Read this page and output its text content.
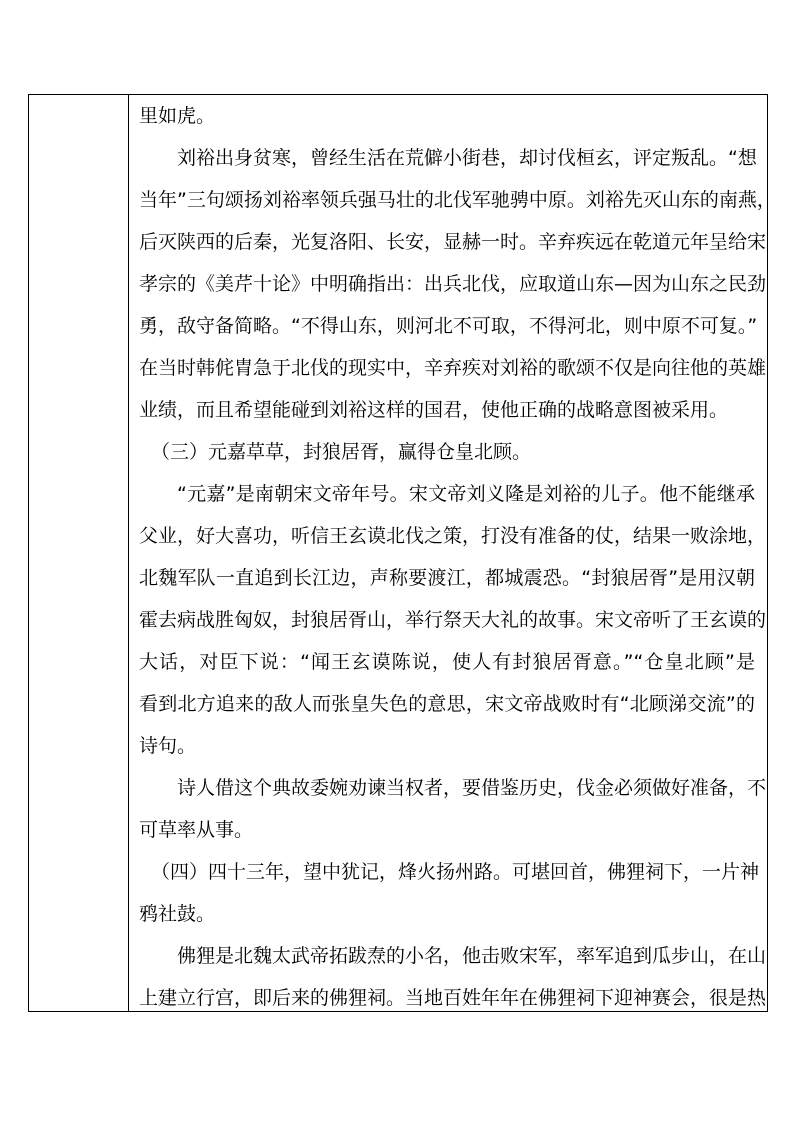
里如虎。
刘裕出身贫寒，曾经生活在荒僻小街巷，却讨伐桓玄，评定叛乱。“想
当年”三句颂扬刘裕率领兵强马壮的北伐军驰骋中原。刘裕先灭山东的南燕，
后灭陕西的后秦，光复洛阳、长安，显赫一时。辛弃疾远在乾道元年呈给宋
孝宗的《美芹十论》中明确指出：出兵北伐，应取道山东—因为山东之民劲
勇，敌守备简略。“不得山东，则河北不可取，不得河北，则中原不可复。”
在当时韩侂胄急于北伐的现实中，辛弃疾对刘裕的歌颂不仅是向往他的英雄
业绩，而且希望能碰到刘裕这样的国君，使他正确的战略意图被采用。
（三）元嘉草草，封狼居胥，赢得仓皇北顾。
“元嘉”是南朝宋文帝年号。宋文帝刘义隆是刘裕的儿子。他不能继承
父业，好大喜功，听信王玄谟北伐之策，打没有准备的仗，结果一败涂地，
北魏军队一直追到长江边，声称要渡江，都城震恐。“封狼居胥”是用汉朝
霍去病战胜匈奴，封狼居胥山，举行祭天大礼的故事。宋文帝听了王玄谟的
大话，对臣下说：“闻王玄谟陈说，使人有封狼居胥意。”“仓皇北顾”是
看到北方追来的敌人而张皇失色的意思，宋文帝战败时有“北顾涕交流”的
诗句。
诗人借这个典故委婉劝谏当权者，要借鉴历史，伐金必须做好准备，不
可草率从事。
（四）四十三年，望中犹记，烽火扬州路。可堪回首，佛狸祠下，一片神
鸦社鼓。
佛狸是北魏太武帝拓跋焘的小名，他击败宋军，率军追到瓜步山，在山
上建立行宫，即后来的佛狸祠。当地百姓年年在佛狸祠下迎神赛会，很是热
